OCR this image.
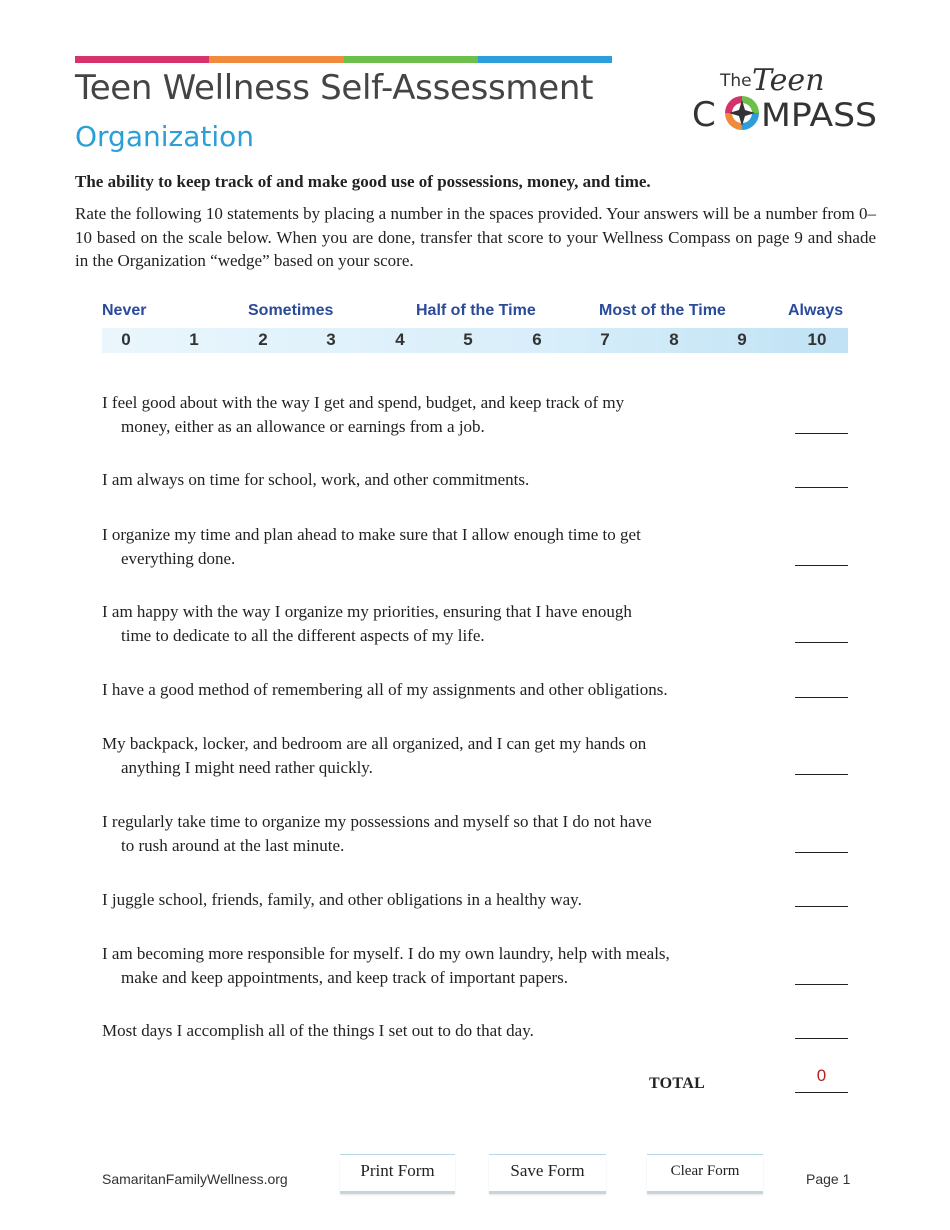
Teen Wellness Self-Assessment
Organization
The Teen
C MPASS
The ability to keep track of and make good use of possessions, money, and time.
Rate the following 10 statements by placing a number in the spaces provided. Your answers will be a number from 0–10 based on the scale below. When you are done, transfer that score to your Wellness Compass on page 9 and shade in the Organization “wedge” based on your score.
Never	Sometimes	Half of the Time	Most of the Time	Always
0	1	2	3	4	5	6	7	8	9	10
I feel good about with the way I get and spend, budget, and keep track of my
money, either as an allowance or earnings from a job.
I am always on time for school, work, and other commitments.
I organize my time and plan ahead to make sure that I allow enough time to get
everything done.
I am happy with the way I organize my priorities, ensuring that I have enough
time to dedicate to all the different aspects of my life.
I have a good method of remembering all of my assignments and other obligations.
My backpack, locker, and bedroom are all organized, and I can get my hands on
anything I might need rather quickly.
I regularly take time to organize my possessions and myself so that I do not have
to rush around at the last minute.
I juggle school, friends, family, and other obligations in a healthy way.
I am becoming more responsible for myself. I do my own laundry, help with meals,
make and keep appointments, and keep track of important papers.
Most days I accomplish all of the things I set out to do that day.
TOTAL	0
SamaritanFamilyWellness.org	Print Form	Save Form	Clear Form	Page 1
